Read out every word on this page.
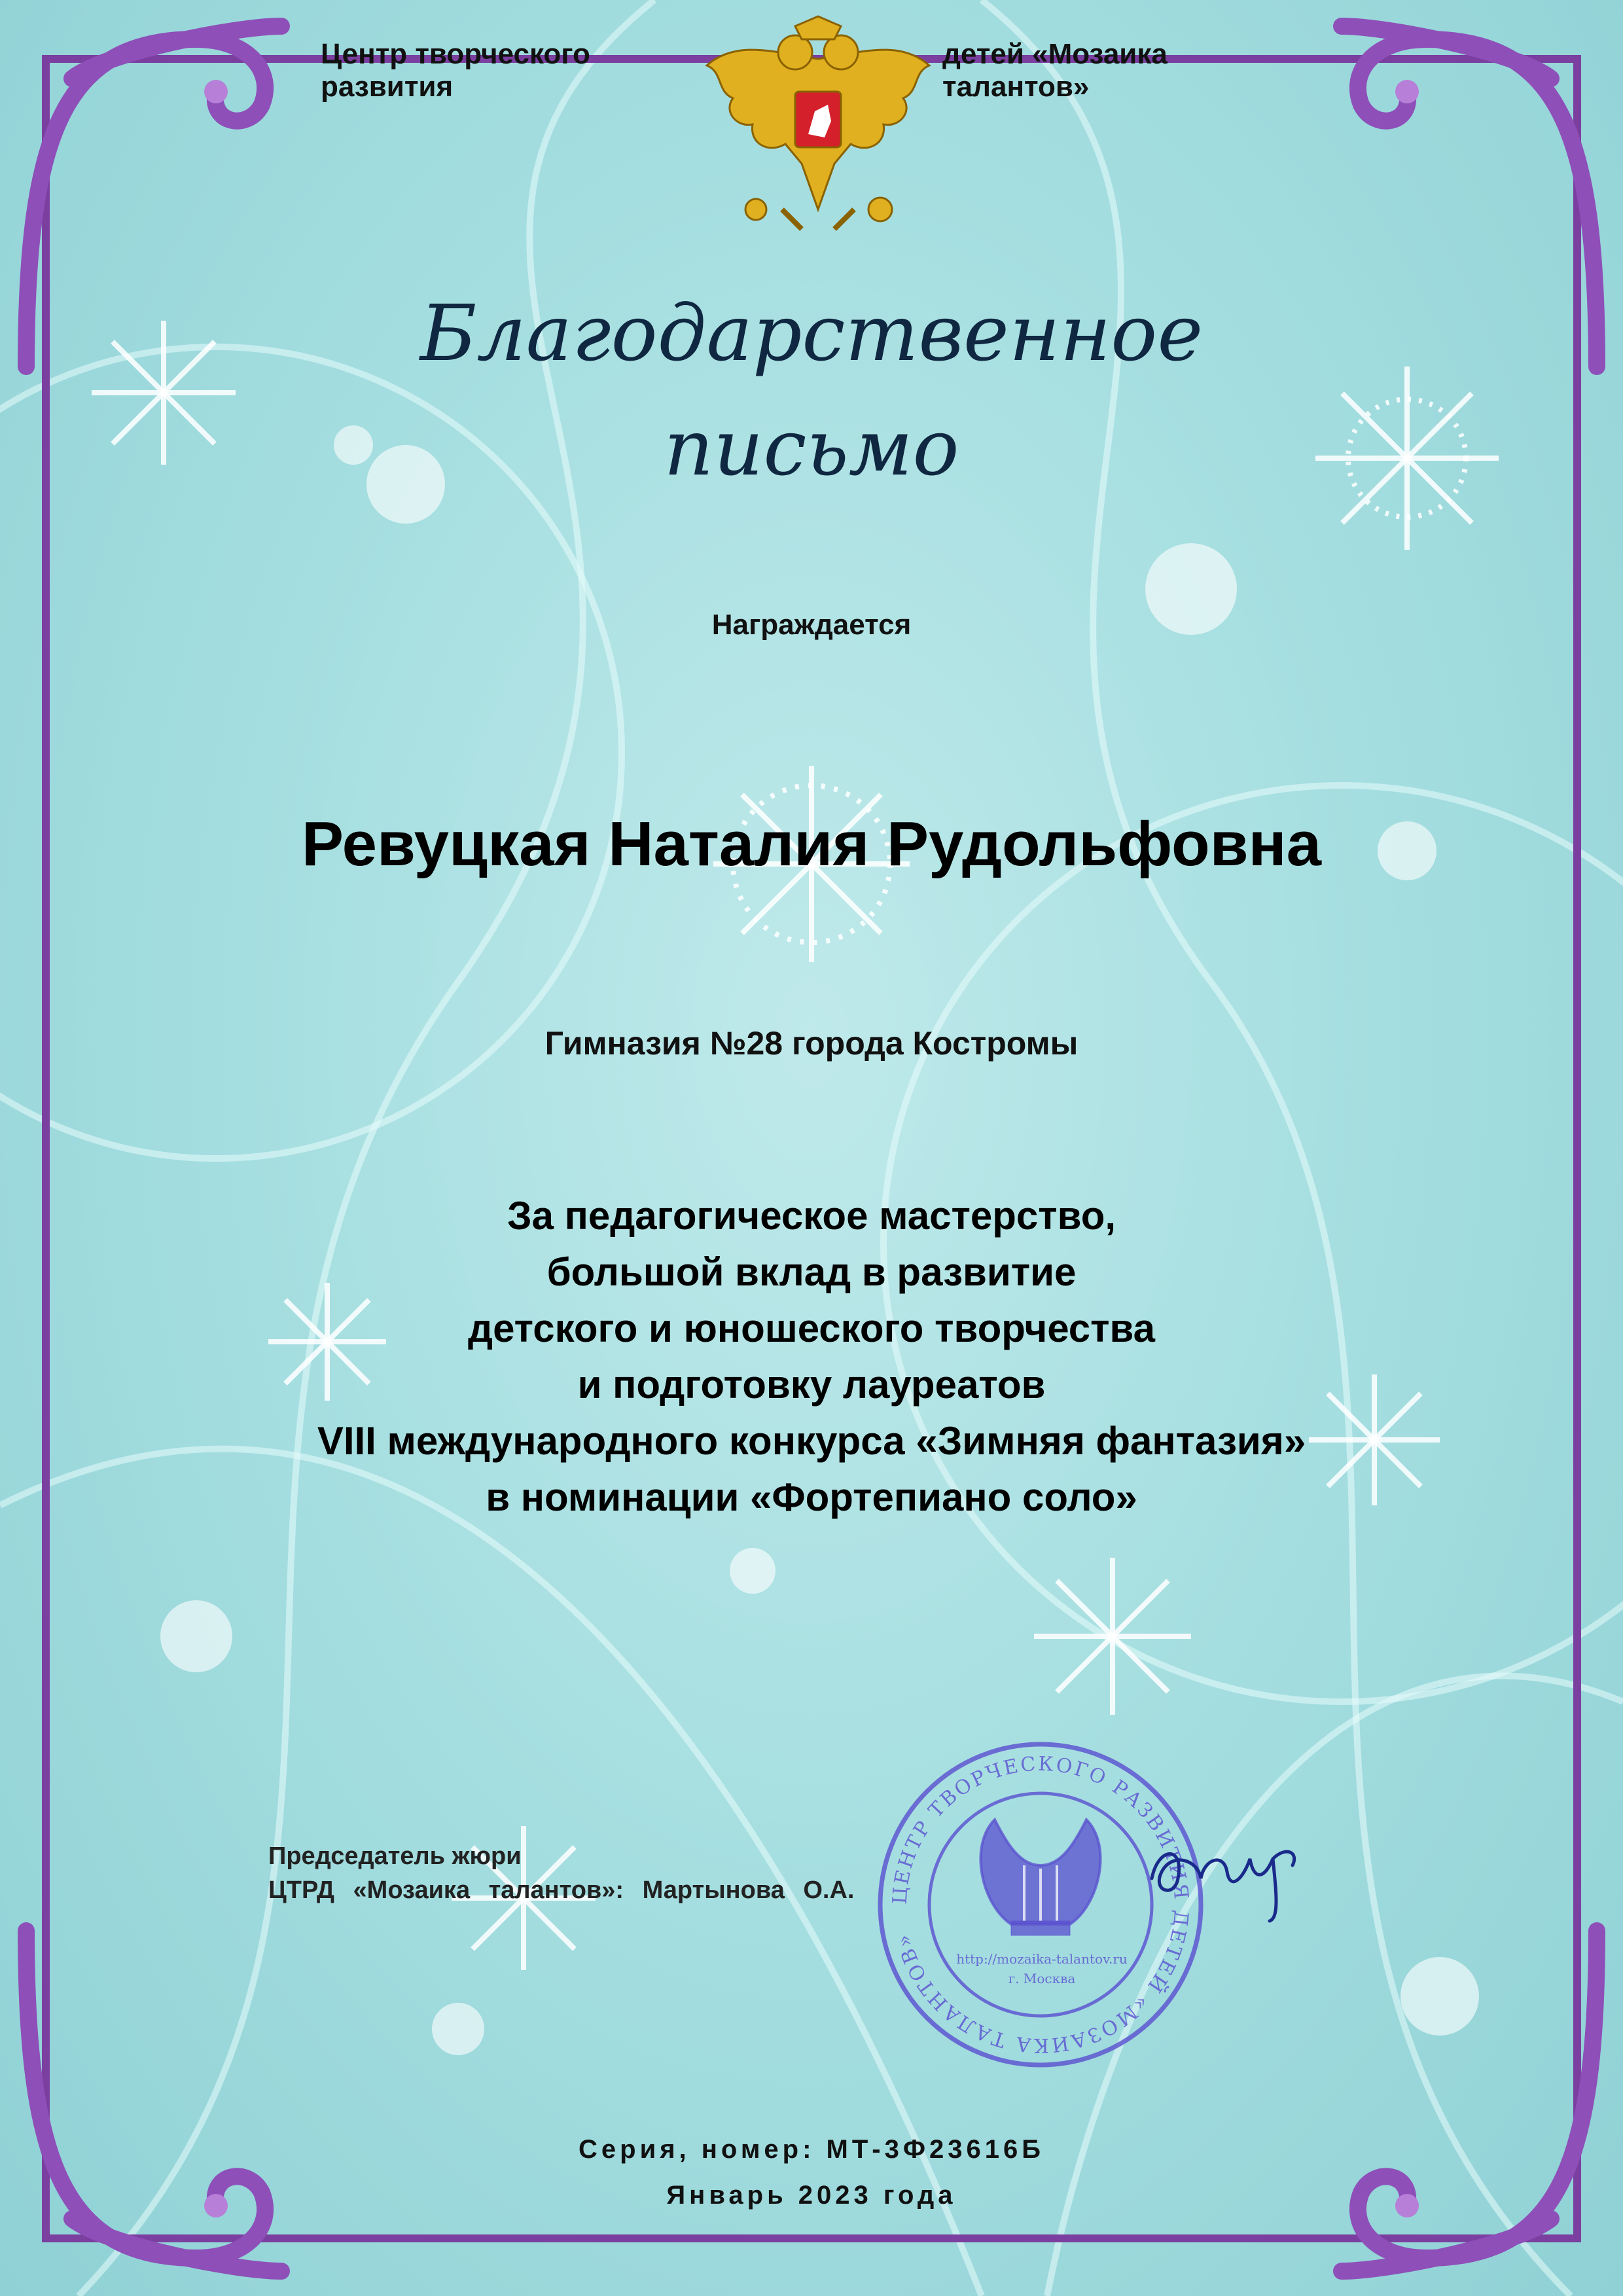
Центр творческого развития
детей «Мозаика талантов»
Благодарственное
письмо
Награждается
Ревуцкая Наталия Рудольфовна
Гимназия №28 города Костромы
За педагогическое мастерство,
большой вклад в развитие
детского и юношеского творчества
и подготовку лауреатов
VIII международного конкурса «Зимняя фантазия»
в номинации «Фортепиано соло»
Председатель жюри
ЦТРД «Мозаика талантов»: Мартынова О.А. ЦЕНТР ТВОРЧЕСКОГО РАЗВИТИЯ ДЕТЕЙ «МОЗАИКА ТАЛАНТОВ»
http://mozaika-talantov.ru
г. Москва
Серия, номер: МТ-3Ф23616Б
Январь 2023 года
